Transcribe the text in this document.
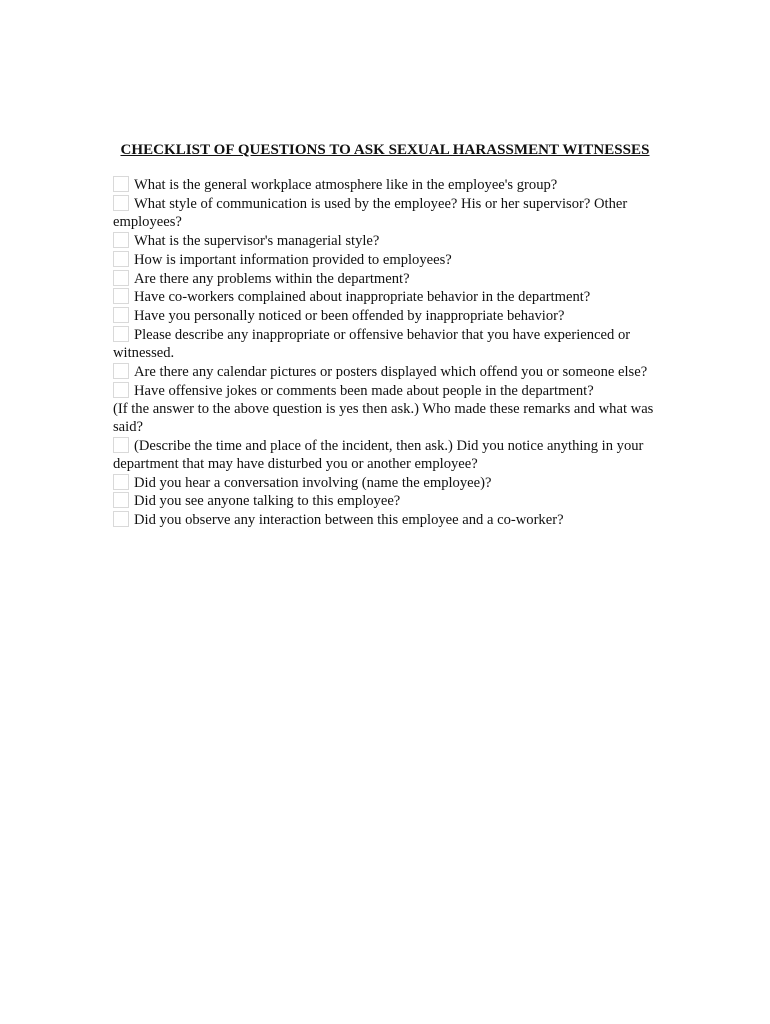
CHECKLIST OF QUESTIONS TO ASK SEXUAL HARASSMENT WITNESSES
What is the general workplace atmosphere like in the employee's group?
What style of communication is used by the employee? His or her supervisor? Other employees?
What is the supervisor's managerial style?
How is important information provided to employees?
Are there any problems within the department?
Have co-workers complained about inappropriate behavior in the department?
Have you personally noticed or been offended by inappropriate behavior?
Please describe any inappropriate or offensive behavior that you have experienced or witnessed.
Are there any calendar pictures or posters displayed which offend you or someone else?
Have offensive jokes or comments been made about people in the department?
(If the answer to the above question is yes then ask.) Who made these remarks and what was said?
(Describe the time and place of the incident, then ask.) Did you notice anything in your department that may have disturbed you or another employee?
Did you hear a conversation involving (name the employee)?
Did you see anyone talking to this employee?
Did you observe any interaction between this employee and a co-worker?
